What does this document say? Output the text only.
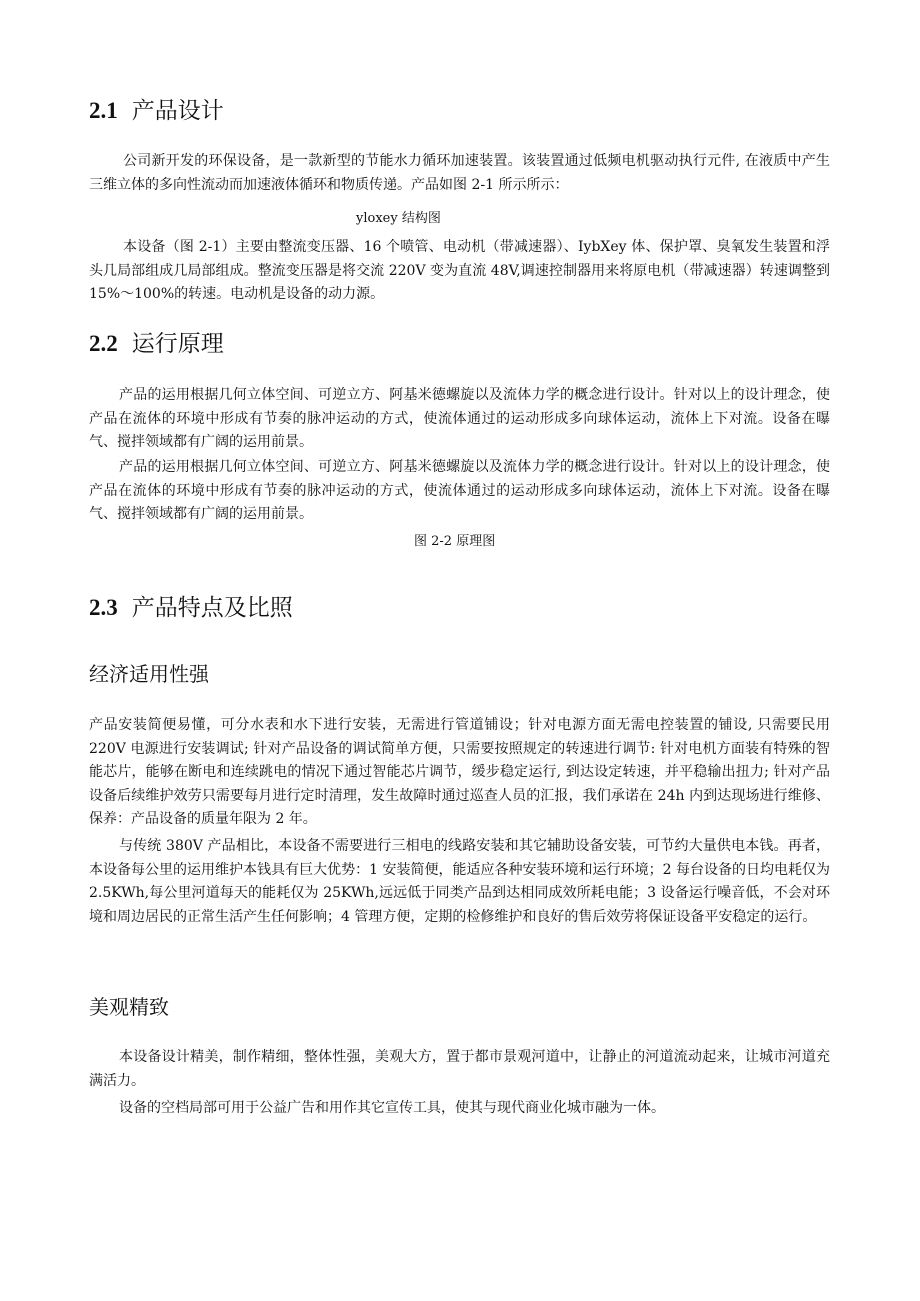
2.1 产品设计

公司新开发的环保设备，是一款新型的节能水力循环加速装置。该装置通过低频电机驱动执行元件, 在液质中产生三维立体的多向性流动而加速液体循环和物质传递。产品如图 2-1 所示所示：

yloxey 结构图

本设备（图 2-1）主要由整流变压器、16 个喷管、电动机（带减速器）、IybXey 体、保护罩、臭氧发生装置和浮头几局部组成几局部组成。整流变压器是将交流 220V 变为直流 48V,调速控制器用来将原电机（带减速器）转速调整到 15%～100%的转速。电动机是设备的动力源。

2.2 运行原理

产品的运用根据几何立体空间、可逆立方、阿基米德螺旋以及流体力学的概念进行设计。针对以上的设计理念，使产品在流体的环境中形成有节奏的脉冲运动的方式，使流体通过的运动形成多向球体运动，流体上下对流。设备在曝气、搅拌领域都有广阔的运用前景。

产品的运用根据几何立体空间、可逆立方、阿基米德螺旋以及流体力学的概念进行设计。针对以上的设计理念，使产品在流体的环境中形成有节奏的脉冲运动的方式，使流体通过的运动形成多向球体运动，流体上下对流。设备在曝气、搅拌领域都有广阔的运用前景。

图 2-2 原理图
2.3 产品特点及比照
经济适用性强

产品安装简便易懂，可分水表和水下进行安装，无需进行管道铺设；针对电源方面无需电控装置的铺设, 只需要民用 220V 电源进行安装调试; 针对产品设备的调试简单方便，只需要按照规定的转速进行调节: 针对电机方面装有特殊的智能芯片，能够在断电和连续跳电的情况下通过智能芯片调节，缓步稳定运行, 到达设定转速，并平稳输出扭力; 针对产品设备后续维护效劳只需要每月进行定时清理，发生故障时通过巡查人员的汇报，我们承诺在 24h 内到达现场进行维修、保养：产品设备的质量年限为 2 年。

与传统 380V 产品相比，本设备不需要进行三相电的线路安装和其它辅助设备安装，可节约大量供电本钱。再者，本设备每公里的运用维护本钱具有巨大优势：1 安装简便，能适应各种安装环境和运行环境；2 每台设备的日均电耗仅为 2.5KWh,每公里河道每天的能耗仅为 25KWh,远远低于同类产品到达相同成效所耗电能；3 设备运行噪音低，不会对环境和周边居民的正常生活产生任何影响；4 管理方便，定期的检修维护和良好的售后效劳将保证设备平安稳定的运行。

美观精致

本设备设计精美，制作精细，整体性强，美观大方，置于都市景观河道中，让静止的河道流动起来，让城市河道充满活力。

设备的空档局部可用于公益广告和用作其它宣传工具，使其与现代商业化城市融为一体。
